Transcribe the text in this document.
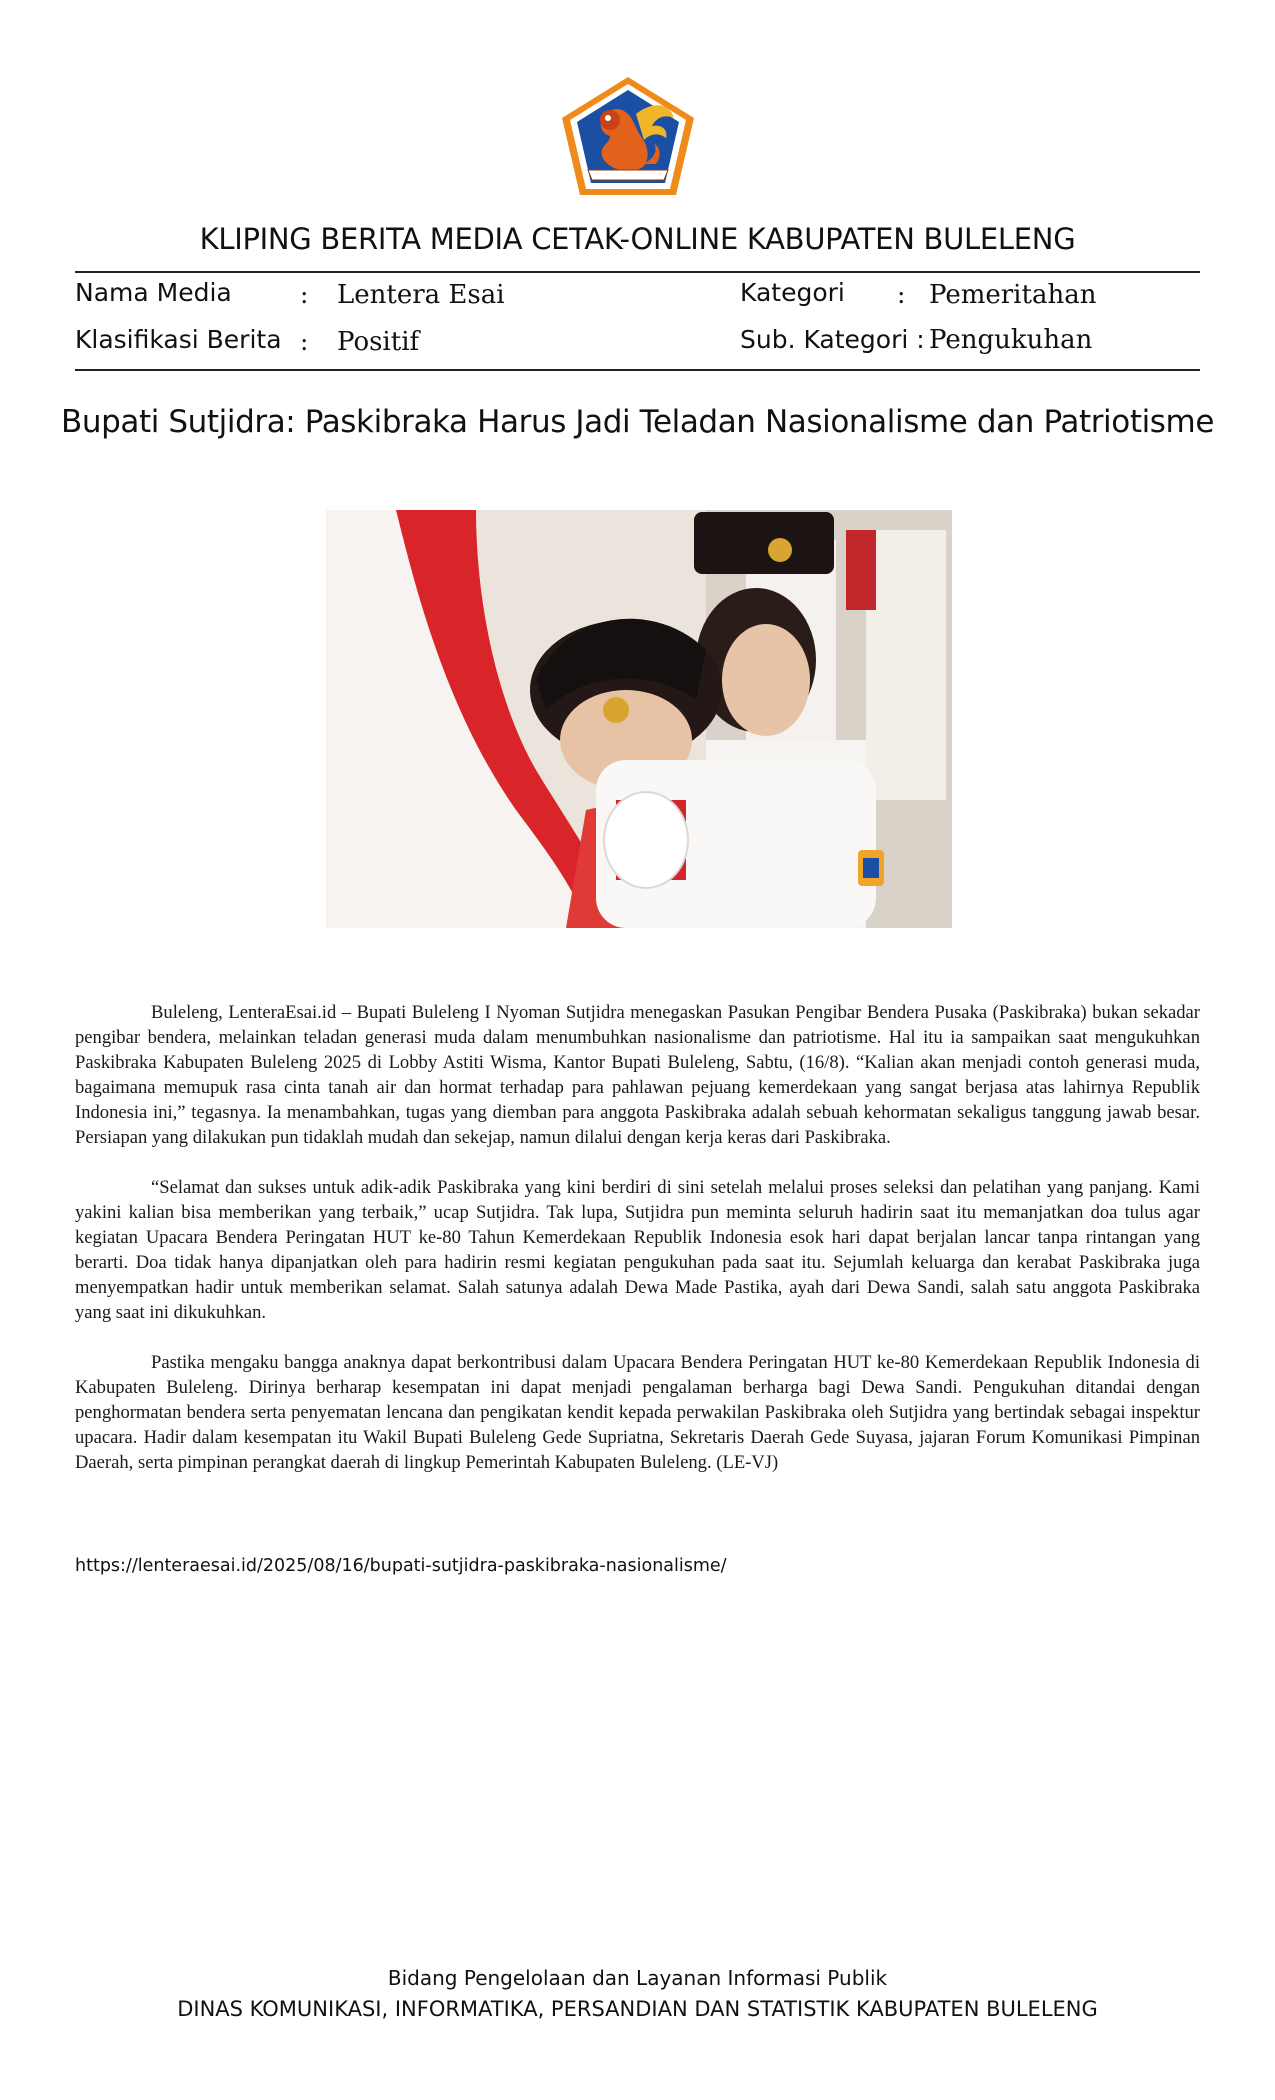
KLIPING BERITA MEDIA CETAK-ONLINE KABUPATEN BULELENG
Nama Media	: Lentera Esai
Klasifikasi Berita : Positif
Kategori : Pemeritahan
Sub. Kategori : Pengukuhan
Bupati Sutjidra: Paskibraka Harus Jadi Teladan Nasionalisme dan Patriotisme

Buleleng, LenteraEsai.id – Bupati Buleleng I Nyoman Sutjidra menegaskan Pasukan Pengibar Bendera Pusaka (Paskibraka) bukan sekadar pengibar bendera, melainkan teladan generasi muda dalam menumbuhkan nasionalisme dan patriotisme. Hal itu ia sampaikan saat mengukuhkan Paskibraka Kabupaten Buleleng 2025 di Lobby Astiti Wisma, Kantor Bupati Buleleng, Sabtu, (16/8). “Kalian akan menjadi contoh generasi muda, bagaimana memupuk rasa cinta tanah air dan hormat terhadap para pahlawan pejuang kemerdekaan yang sangat berjasa atas lahirnya Republik Indonesia ini,” tegasnya. Ia menambahkan, tugas yang diemban para anggota Paskibraka adalah sebuah kehormatan sekaligus tanggung jawab besar. Persiapan yang dilakukan pun tidaklah mudah dan sekejap, namun dilalui dengan kerja keras dari Paskibraka.

“Selamat dan sukses untuk adik-adik Paskibraka yang kini berdiri di sini setelah melalui proses seleksi dan pelatihan yang panjang. Kami yakini kalian bisa memberikan yang terbaik,” ucap Sutjidra. Tak lupa, Sutjidra pun meminta seluruh hadirin saat itu memanjatkan doa tulus agar kegiatan Upacara Bendera Peringatan HUT ke-80 Tahun Kemerdekaan Republik Indonesia esok hari dapat berjalan lancar tanpa rintangan yang berarti. Doa tidak hanya dipanjatkan oleh para hadirin resmi kegiatan pengukuhan pada saat itu. Sejumlah keluarga dan kerabat Paskibraka juga menyempatkan hadir untuk memberikan selamat. Salah satunya adalah Dewa Made Pastika, ayah dari Dewa Sandi, salah satu anggota Paskibraka yang saat ini dikukuhkan.

Pastika mengaku bangga anaknya dapat berkontribusi dalam Upacara Bendera Peringatan HUT ke-80 Kemerdekaan Republik Indonesia di Kabupaten Buleleng. Dirinya berharap kesempatan ini dapat menjadi pengalaman berharga bagi Dewa Sandi. Pengukuhan ditandai dengan penghormatan bendera serta penyematan lencana dan pengikatan kendit kepada perwakilan Paskibraka oleh Sutjidra yang bertindak sebagai inspektur upacara. Hadir dalam kesempatan itu Wakil Bupati Buleleng Gede Supriatna, Sekretaris Daerah Gede Suyasa, jajaran Forum Komunikasi Pimpinan Daerah, serta pimpinan perangkat daerah di lingkup Pemerintah Kabupaten Buleleng. (LE-VJ)

https://lenteraesai.id/2025/08/16/bupati-sutjidra-paskibraka-nasionalisme/
Bidang Pengelolaan dan Layanan Informasi Publik
DINAS KOMUNIKASI, INFORMATIKA, PERSANDIAN DAN STATISTIK KABUPATEN BULELENG
